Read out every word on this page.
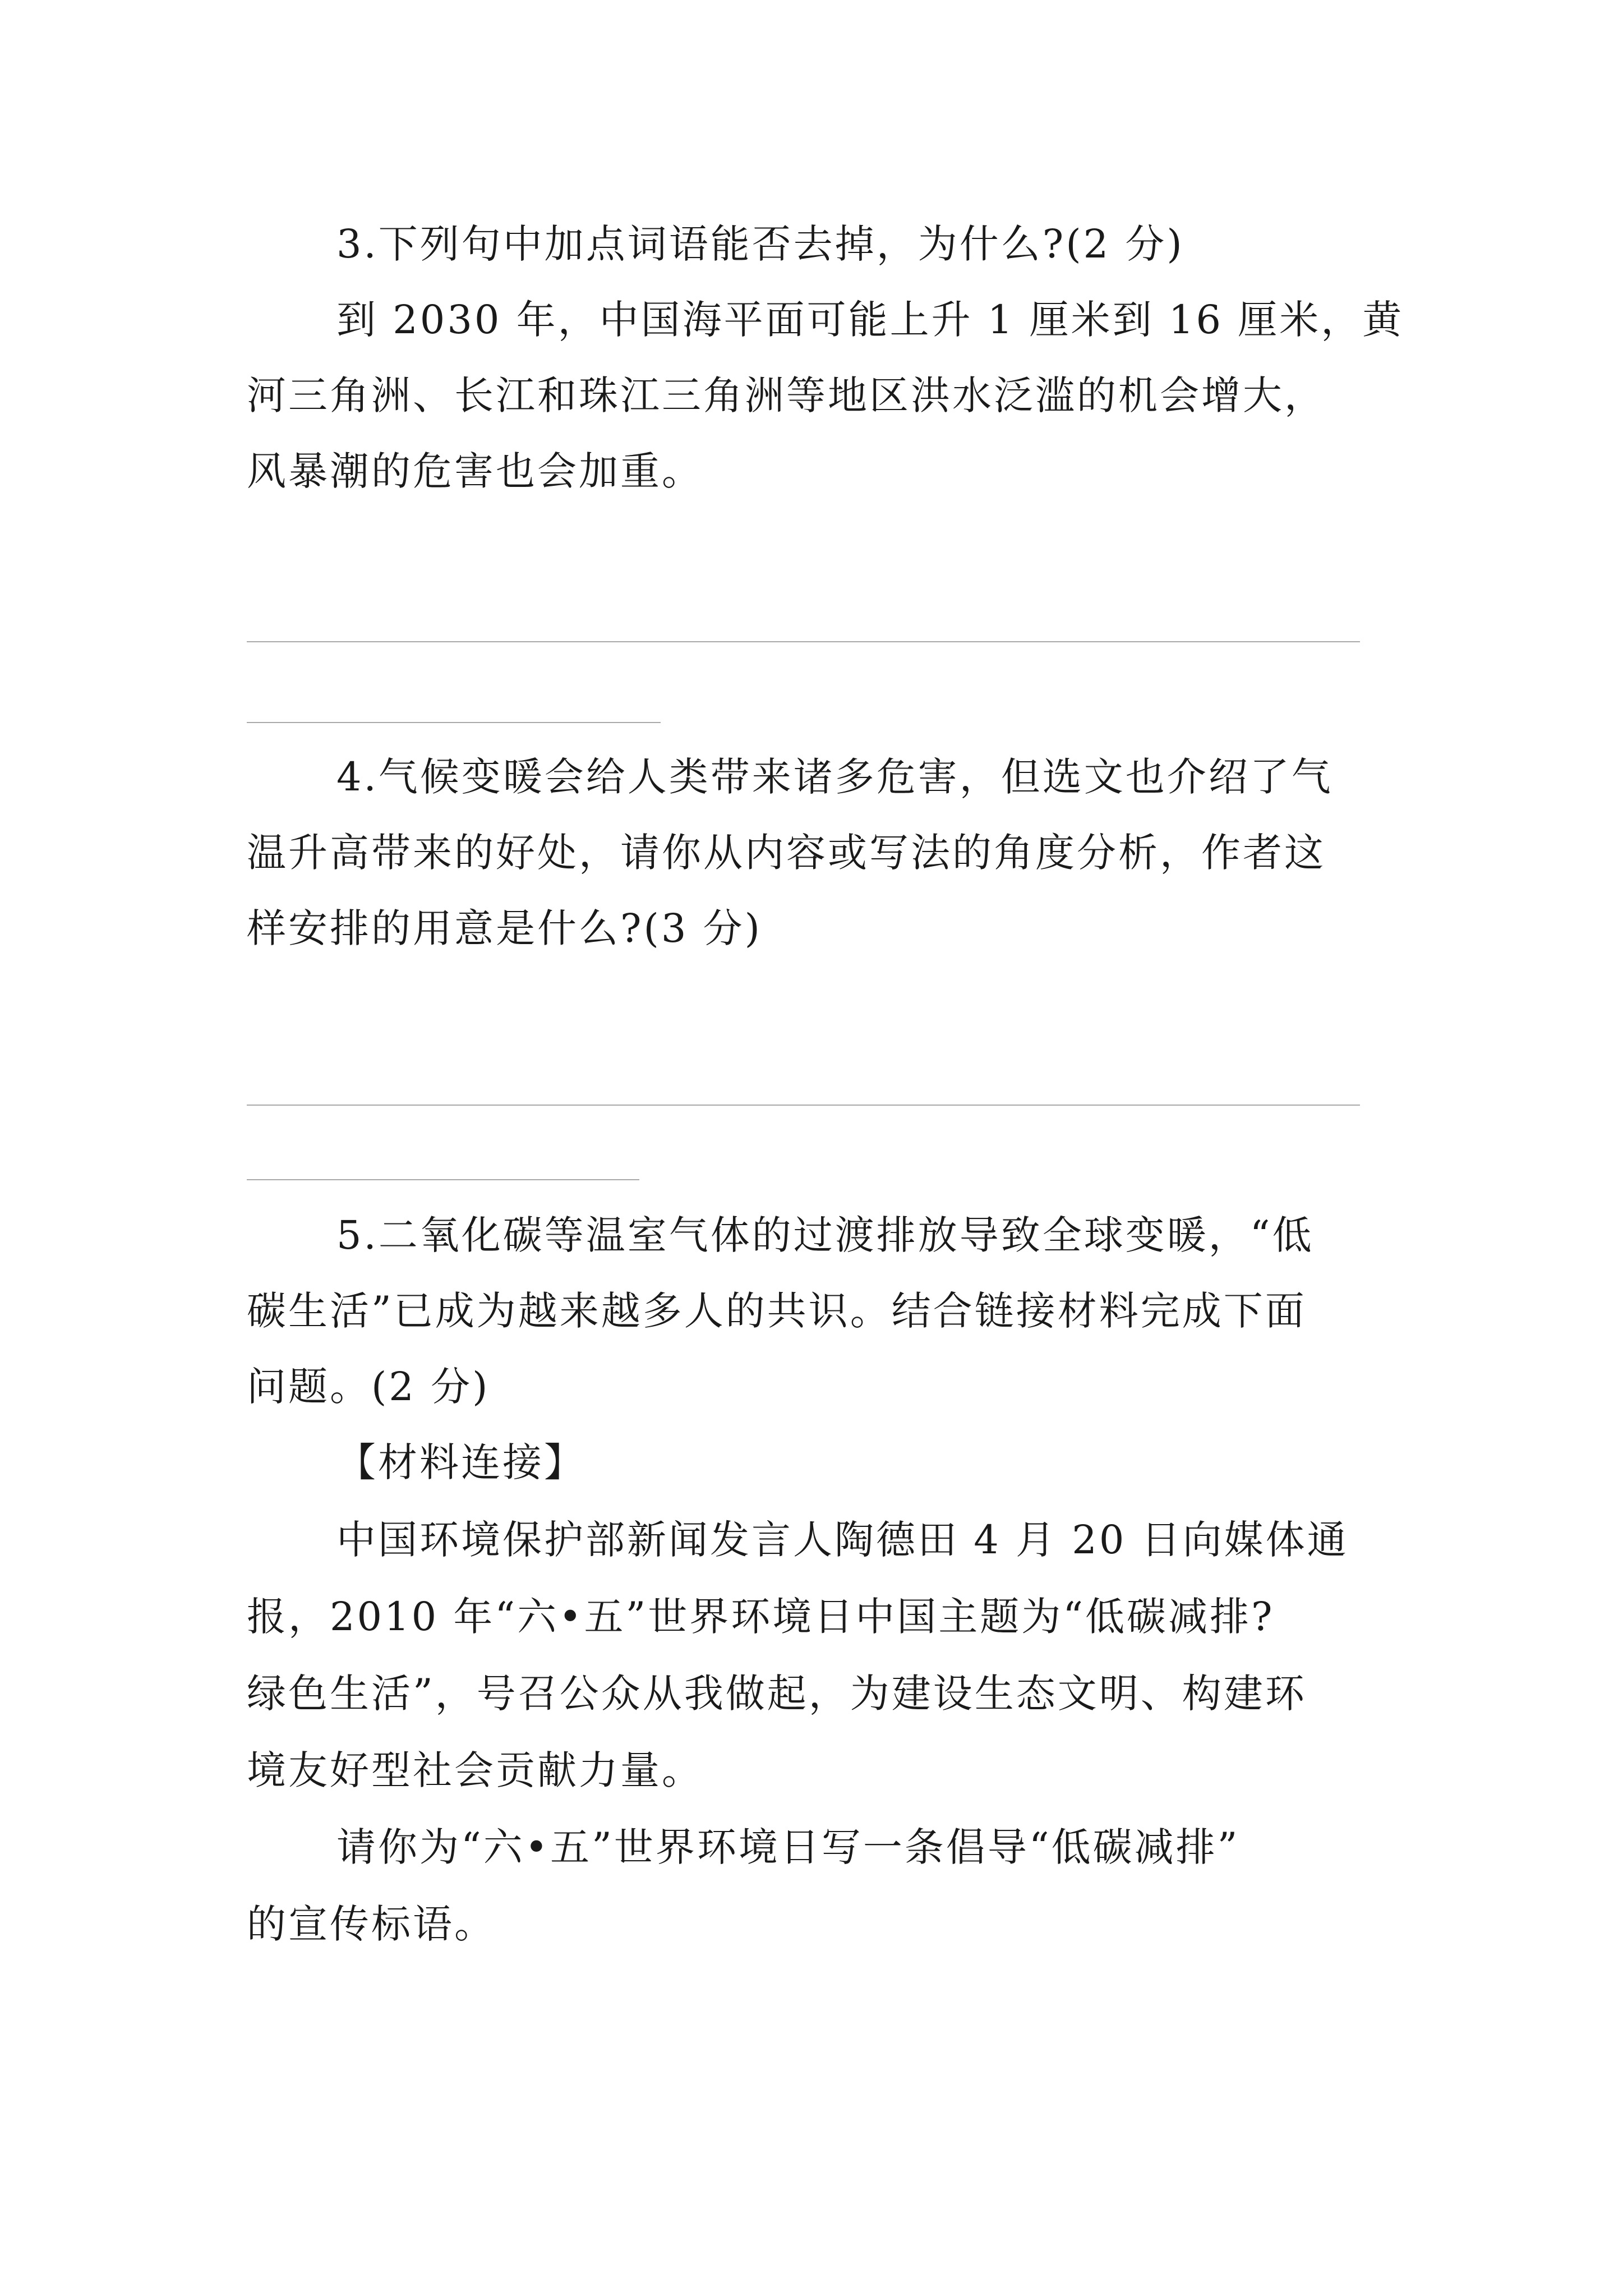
3.下列句中加点词语能否去掉，为什么?(2 分)
到 2030 年，中国海平面可能上升 1 厘米到 16 厘米，黄
河三角洲、长江和珠江三角洲等地区洪水泛滥的机会增大，
风暴潮的危害也会加重。
4.气候变暖会给人类带来诸多危害，但选文也介绍了气
温升高带来的好处，请你从内容或写法的角度分析，作者这
样安排的用意是什么?(3 分)
5.二氧化碳等温室气体的过渡排放导致全球变暖，“低
碳生活”已成为越来越多人的共识。结合链接材料完成下面
问题。(2 分)
【材料连接】
中国环境保护部新闻发言人陶德田 4 月 20 日向媒体通
报，2010 年“六•五”世界环境日中国主题为“低碳减排?
绿色生活”，号召公众从我做起，为建设生态文明、构建环
境友好型社会贡献力量。
请你为“六•五”世界环境日写一条倡导“低碳减排”
的宣传标语。
